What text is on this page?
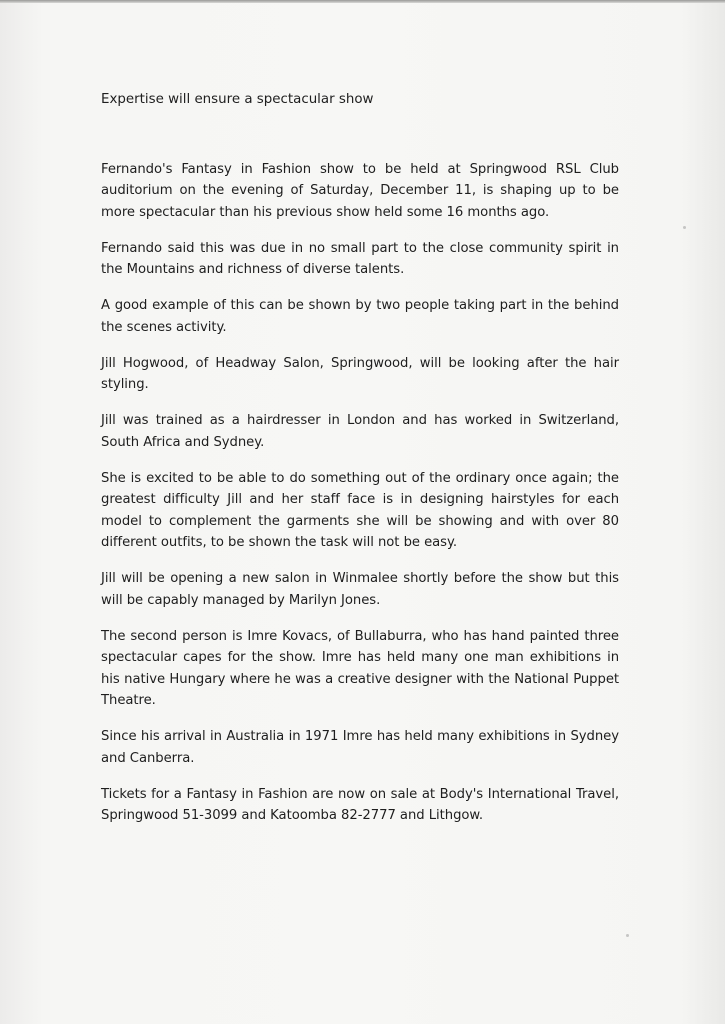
Expertise will ensure a spectacular show

Fernando's Fantasy in Fashion show to be held at Springwood RSL Club auditorium on the evening of Saturday, December 11, is shaping up to be more spectacular than his previous show held some 16 months ago.

Fernando said this was due in no small part to the close community spirit in the Mountains and richness of diverse talents.

A good example of this can be shown by two people taking part in the behind the scenes activity.

Jill Hogwood, of Headway Salon, Springwood, will be looking after the hair styling.

Jill was trained as a hairdresser in London and has worked in Switzerland, South Africa and Sydney.

She is excited to be able to do something out of the ordinary once again; the greatest difficulty Jill and her staff face is in designing hairstyles for each model to complement the garments she will be showing and with over 80 different outfits, to be shown the task will not be easy.

Jill will be opening a new salon in Winmalee shortly before the show but this will be capably managed by Marilyn Jones.

The second person is Imre Kovacs, of Bullaburra, who has hand painted three spectacular capes for the show. Imre has held many one man exhibitions in his native Hungary where he was a creative designer with the National Puppet Theatre.

Since his arrival in Australia in 1971 Imre has held many exhibitions in Sydney and Canberra.

Tickets for a Fantasy in Fashion are now on sale at Body's International Travel, Springwood 51-3099 and Katoomba 82-2777 and Lithgow.
